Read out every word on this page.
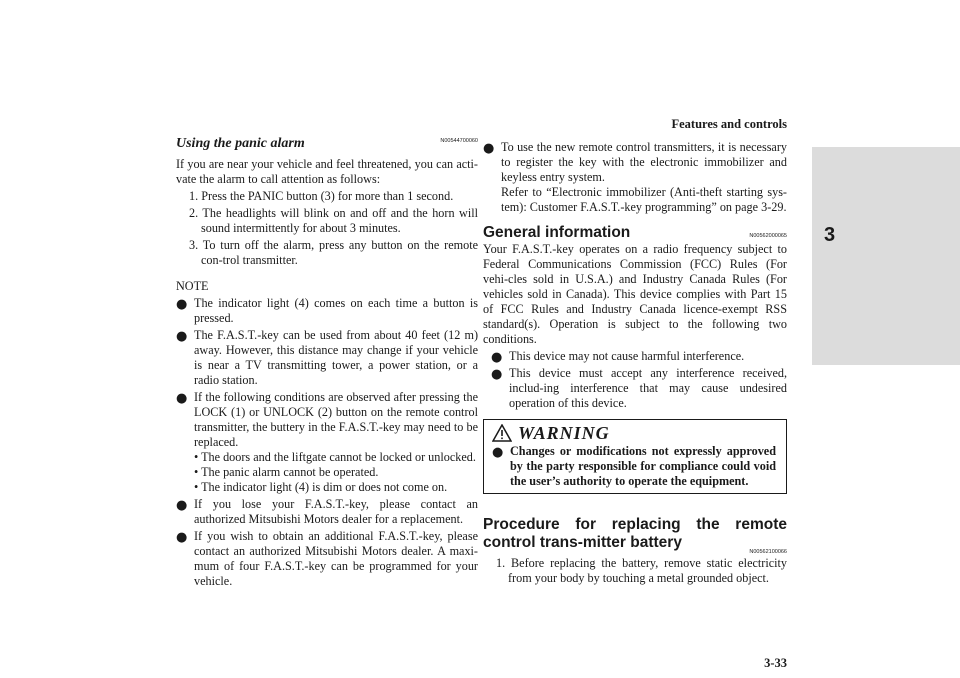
Features and controls
3
3-33
N00544700060
Using the panic alarm

If you are near your vehicle and feel threatened, you can acti-vate the alarm to call attention as follows:

1. Press the PANIC button (3) for more than 1 second.

2. The headlights will blink on and off and the horn will sound intermittently for about 3 minutes.

3. To turn off the alarm, press any button on the remote con-trol transmitter.

NOTE

● The indicator light (4) comes on each time a button is pressed.
● The F.A.S.T.-key can be used from about 40 feet (12 m) away. However, this distance may change if your vehicle is near a TV transmitting tower, a power station, or a radio station.
● If the following conditions are observed after pressing the LOCK (1) or UNLOCK (2) button on the remote control transmitter, the buttery in the F.A.S.T.-key may need to be replaced.
• The doors and the liftgate cannot be locked or unlocked.
• The panic alarm cannot be operated.
• The indicator light (4) is dim or does not come on.
● If you lose your F.A.S.T.-key, please contact an authorized Mitsubishi Motors dealer for a replacement.
● If you wish to obtain an additional F.A.S.T.-key, please contact an authorized Mitsubishi Motors dealer. A maxi-mum of four F.A.S.T.-key can be programmed for your vehicle.
● To use the new remote control transmitters, it is necessary to register the key with the electronic immobilizer and keyless entry system.
Refer to “Electronic immobilizer (Anti-theft starting sys-tem): Customer F.A.S.T.-key programming” on page 3-29.
General information	N00562000065

Your F.A.S.T.-key operates on a radio frequency subject to Federal Communications Commission (FCC) Rules (For vehi-cles sold in U.S.A.) and Industry Canada Rules (For vehicles sold in Canada). This device complies with Part 15 of FCC Rules and Industry Canada licence-exempt RSS standard(s). Operation is subject to the following two conditions.

● This device may not cause harmful interference.
● This device must accept any interference received, includ-ing interference that may cause undesired operation of this device.
WARNING
● Changes or modifications not expressly approved by the party responsible for compliance could void the user’s authority to operate the equipment.
Procedure for replacing the remote control trans-mitter battery
N00562100066

1. Before replacing the battery, remove static electricity from your body by touching a metal grounded object.
